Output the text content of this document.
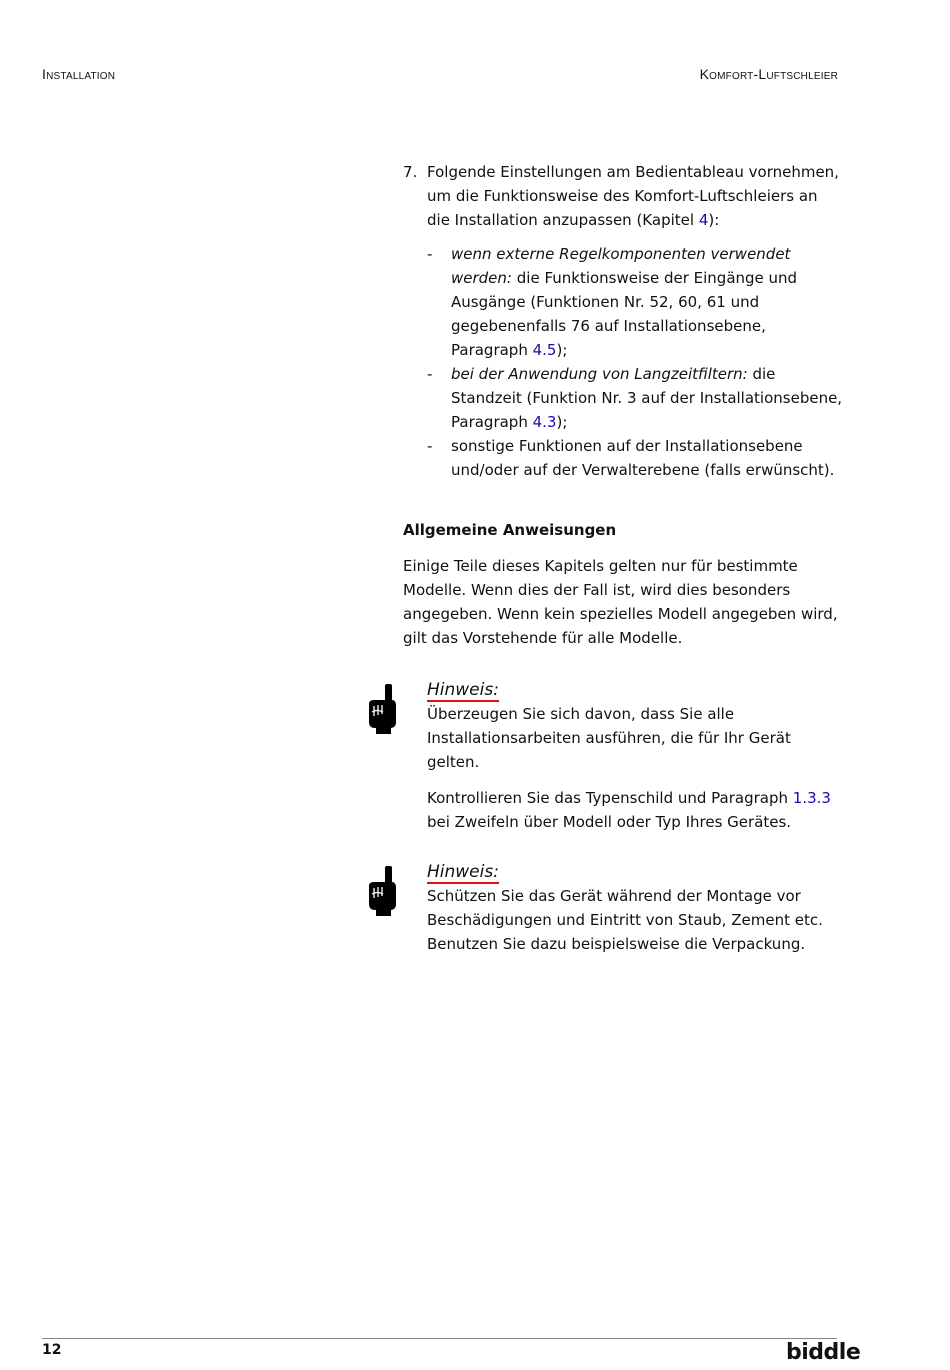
Installation	Komfort-Luftschleier
7. Folgende Einstellungen am Bedientableau vornehmen, um die Funktionsweise des Komfort-Luftschleiers an die Installation anzupassen (Kapitel 4):
- wenn externe Regelkomponenten verwendet werden: die Funktionsweise der Eingänge und Ausgänge (Funktionen Nr. 52, 60, 61 und gegebenenfalls 76 auf Installationsebene, Paragraph 4.5);
- bei der Anwendung von Langzeitfiltern: die Standzeit (Funktion Nr. 3 auf der Installationsebene, Paragraph 4.3);
- sonstige Funktionen auf der Installationsebene und/oder auf der Verwalterebene (falls erwünscht).
Allgemeine Anweisungen
Einige Teile dieses Kapitels gelten nur für bestimmte Modelle. Wenn dies der Fall ist, wird dies besonders angegeben. Wenn kein spezielles Modell angegeben wird, gilt das Vorstehende für alle Modelle.
Hinweis:

Überzeugen Sie sich davon, dass Sie alle Installationsarbeiten ausführen, die für Ihr Gerät gelten.

Kontrollieren Sie das Typenschild und Paragraph 1.3.3 bei Zweifeln über Modell oder Typ Ihres Gerätes.

Hinweis:

Schützen Sie das Gerät während der Montage vor Beschädigungen und Eintritt von Staub, Zement etc. Benutzen Sie dazu beispielsweise die Verpackung.

12	biddle
